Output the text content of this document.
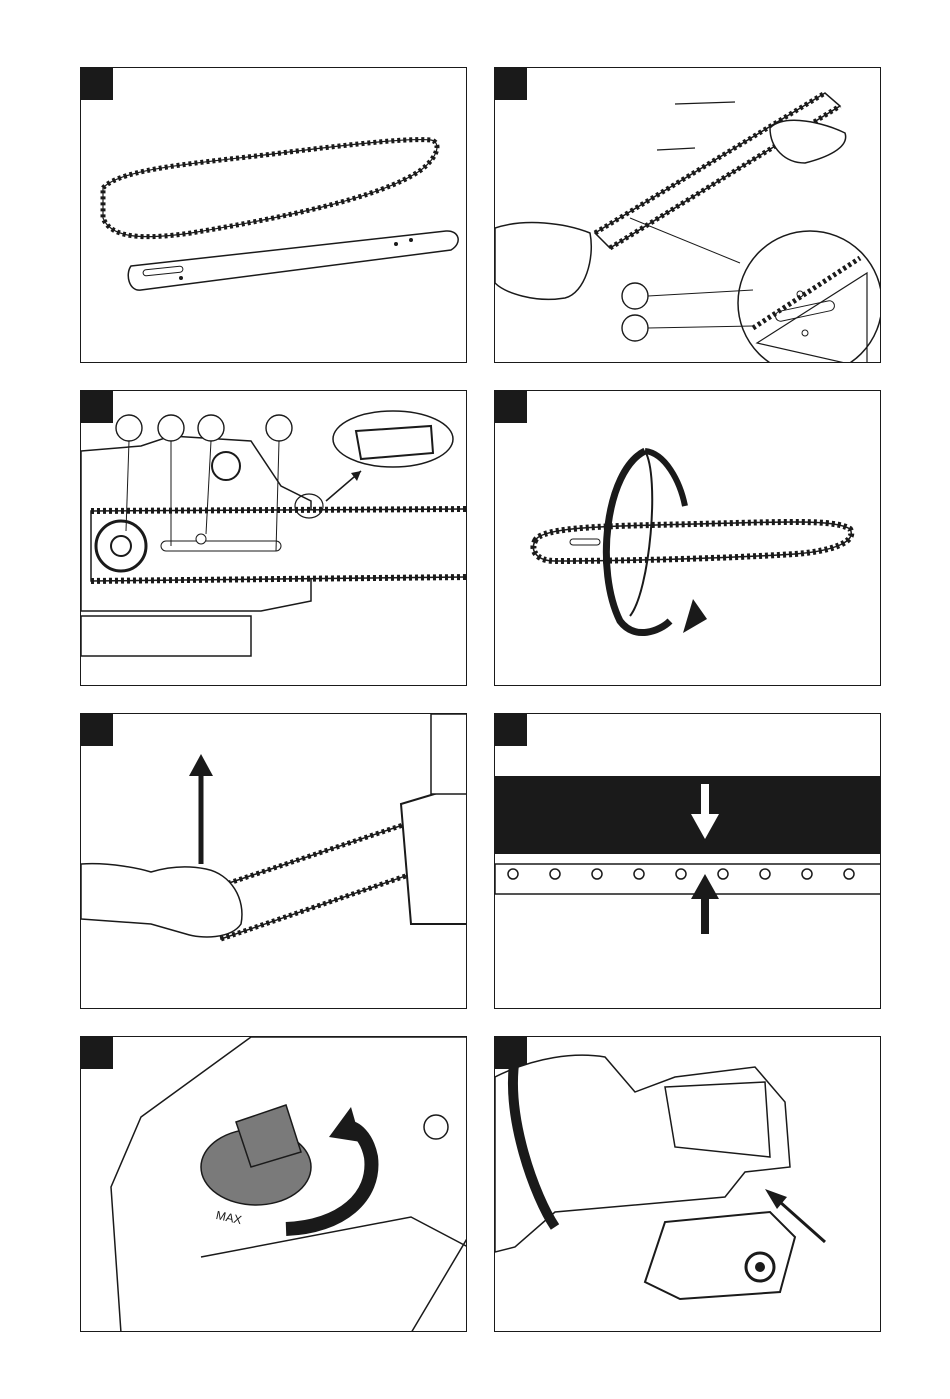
MAX
